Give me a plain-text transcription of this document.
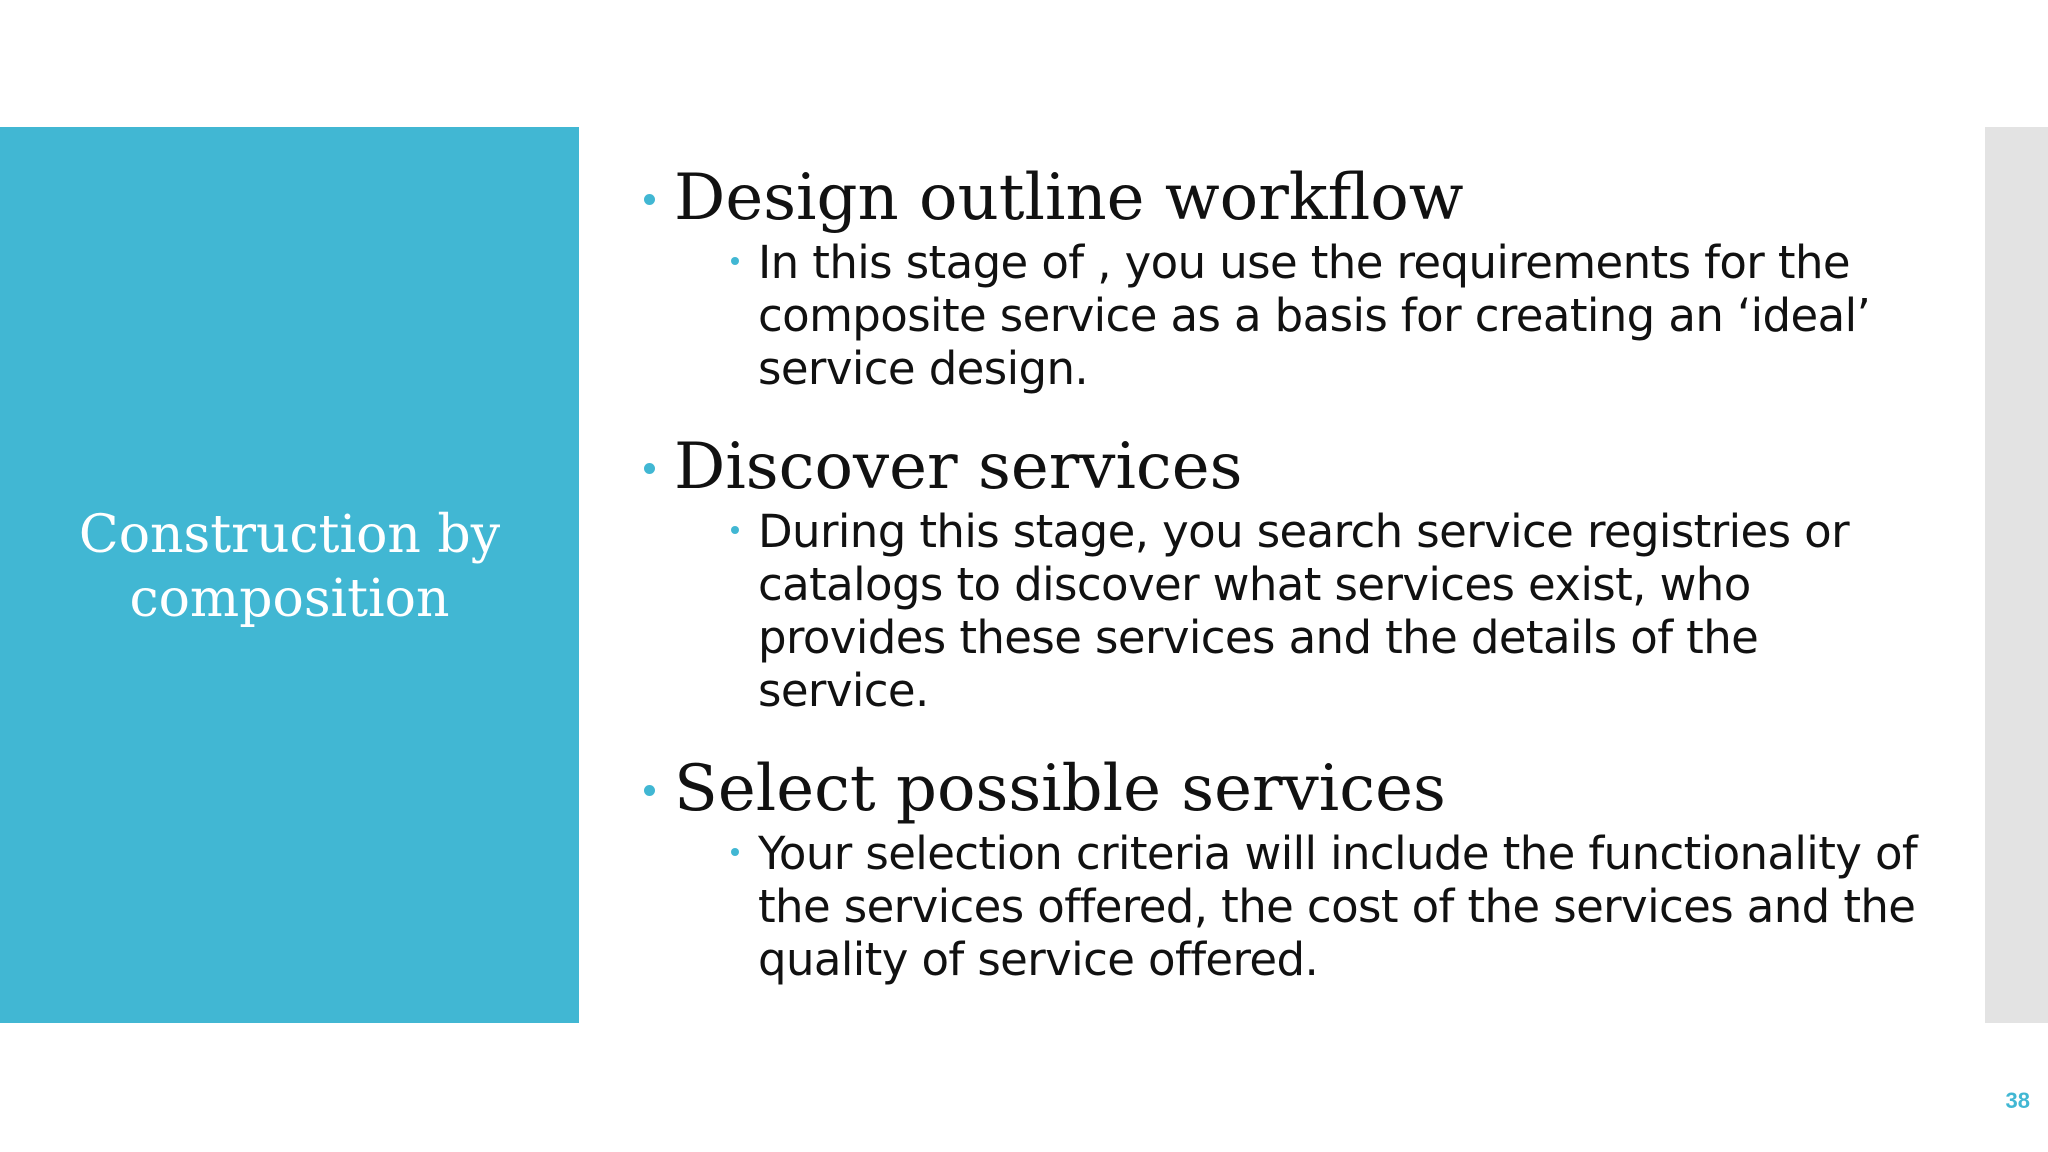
Construction by composition
Design outline workflow
In this stage of , you use the requirements for the composite service as a basis for creating an ‘ideal’ service design.
Discover services
During this stage, you search service registries or catalogs to discover what services exist, who provides these services and the details of the service.
Select possible services
Your selection criteria will include the functionality of the services offered, the cost of the services and the quality of service offered.
38
